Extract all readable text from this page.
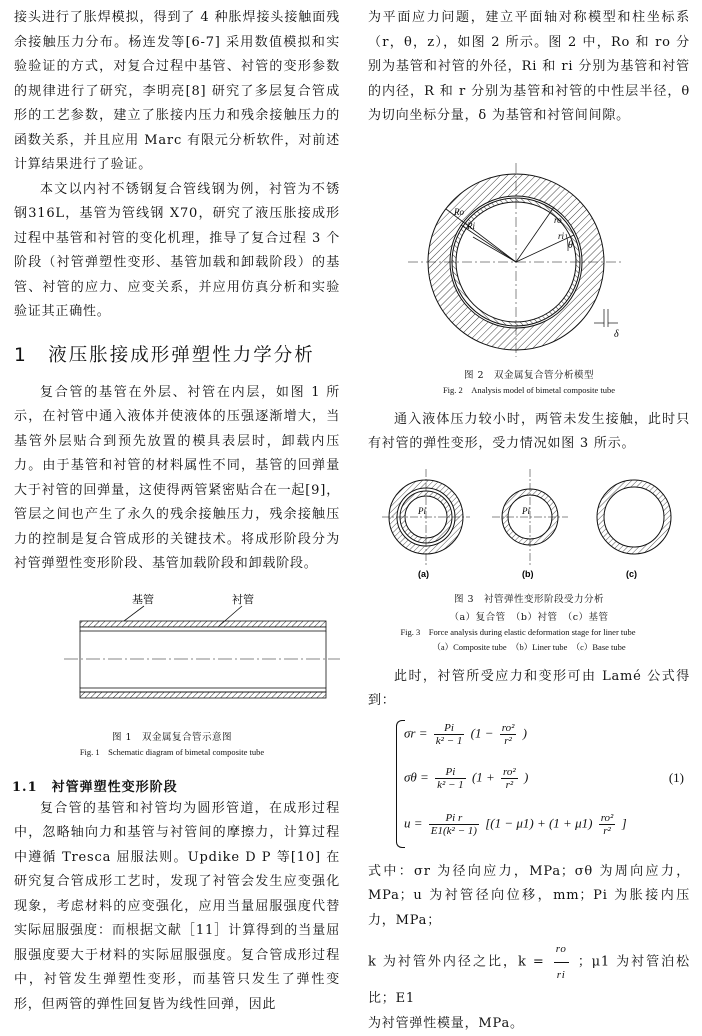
接头进行了胀焊模拟，得到了 4 种胀焊接头接触面残余接触压力分布。杨连发等[6-7] 采用数值模拟和实验验证的方式，对复合过程中基管、衬管的变形参数的规律进行了研究，李明亮[8] 研究了多层复合管成形的工艺参数，建立了胀接内压力和残余接触压力的函数关系，并且应用 Marc 有限元分析软件，对前述计算结果进行了验证。

本文以内衬不锈钢复合管线钢为例，衬管为不锈钢316L，基管为管线钢 X70，研究了液压胀接成形过程中基管和衬管的变化机理，推导了复合过程 3 个阶段（衬管弹塑性变形、基管加载和卸载阶段）的基管、衬管的应力、应变关系，并应用仿真分析和实验验证其正确性。

1　液压胀接成形弹塑性力学分析

复合管的基管在外层、衬管在内层，如图 1 所示，在衬管中通入液体并使液体的压强逐渐增大，当基管外层贴合到预先放置的模具表层时，卸载内压力。由于基管和衬管的材料属性不同，基管的回弹量大于衬管的回弹量，这使得两管紧密贴合在一起[9]，管层之间也产生了永久的残余接触压力，残余接触压力的控制是复合管成形的关键技术。将成形阶段分为衬管弹塑性变形阶段、基管加载阶段和卸载阶段。

基管	衬管
图 1　双金属复合管示意图
Fig. 1　Schematic diagram of bimetal composite tube
1.1　衬管弹塑性变形阶段

复合管的基管和衬管均为圆形管道，在成形过程中，忽略轴向力和基管与衬管间的摩擦力，计算过程中遵循 Tresca 屈服法则。Updike D P 等[10] 在研究复合管成形工艺时，发现了衬管会发生应变强化现象，考虑材料的应变强化，应用当量屈服强度代替实际屈服强度：而根据文献［11］计算得到的当量屈服强度要大于材料的实际屈服强度。复合管成形过程中，衬管发生弹塑性变形，而基管只发生了弹性变形，但两管的弹性回复皆为线性回弹，因此

为平面应力问题，建立平面轴对称模型和柱坐标系（r，θ，z），如图 2 所示。图 2 中，Ro 和 ro 分别为基管和衬管的外径，Ri 和 ri 分别为基管和衬管的内径，R 和 r 分别为基管和衬管的中性层半径，θ 为切向坐标分量，δ 为基管和衬管间间隙。

Ro
Ri
ro
ri
θ
δ
图 2　双金属复合管分析模型
Fig. 2　Analysis model of bimetal composite tube

通入液体压力较小时，两管未发生接触，此时只有衬管的弹性变形，受力情况如图 3 所示。

Pi
(a)
Pi
(b)	(c)
图 3　衬管弹性变形阶段受力分析
（a）复合管　（b）衬管　（c）基管
Fig. 3　Force analysis during elastic deformation stage for liner tube
（a）Composite tube　（b）Liner tube　（c）Base tube

此时，衬管所受应力和变形可由 Lamé 公式得到：

$\sigma r = \frac{Pi}{\text{k² − 1}} (1 - \frac{\text{ro²}}{\text{r²}}$ )
$\sigma\theta = \frac{Pi}{\text{k² − 1}} (1 + \frac{\text{ro²}}{\text{r²}}$ )
$u = \frac{\text{Pi r}}{\text{E1(k² − 1)}} [(1 - \mu 1) + (1 + \mu 1) \frac{\text{ro²}}{\text{r²}}$ ]
(1)

式中：σr 为径向应力，MPa；σθ 为周向应力，MPa；u 为衬管径向位移，mm；Pi 为胀接内压力，MPa；

k 为衬管外内径之比，$k = \frac{ro}{ri}$ ；μ1 为衬管泊松比；E1

为衬管弹性模量，MPa。
